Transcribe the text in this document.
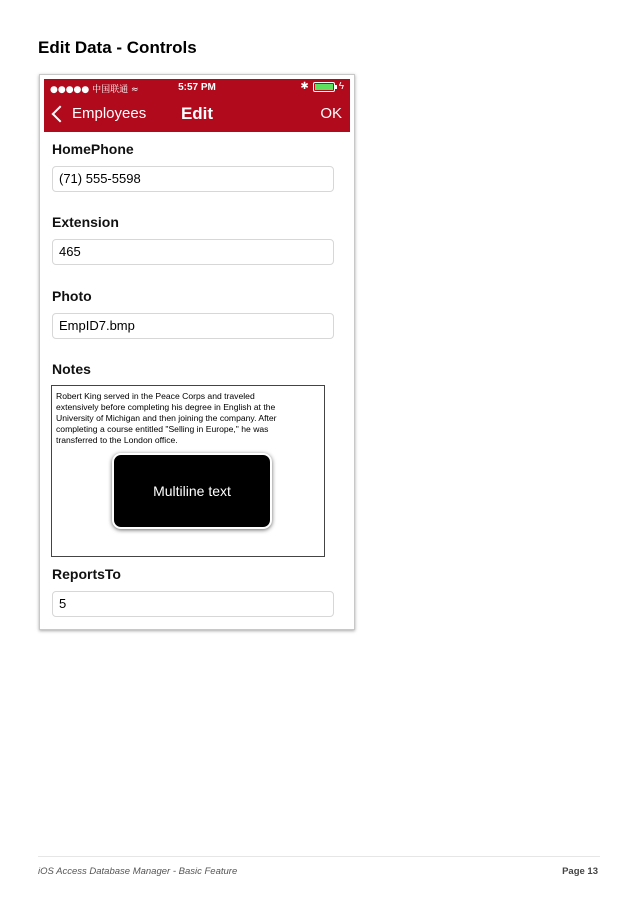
Edit Data - Controls
●●●●● 中国联通 ≈	5:57 PM	✱	ϟ
Employees	Edit	OK
HomePhone
(71) 555-5598
Extension
465
Photo
EmpID7.bmp
Notes
Robert King served in the Peace Corps and traveled
extensively before completing his degree in English at the
University of Michigan and then joining the company. After
completing a course entitled "Selling in Europe," he was
transferred to the London office.
Multiline text
ReportsTo
5
iOS Access Database Manager - Basic Feature	Page 13
